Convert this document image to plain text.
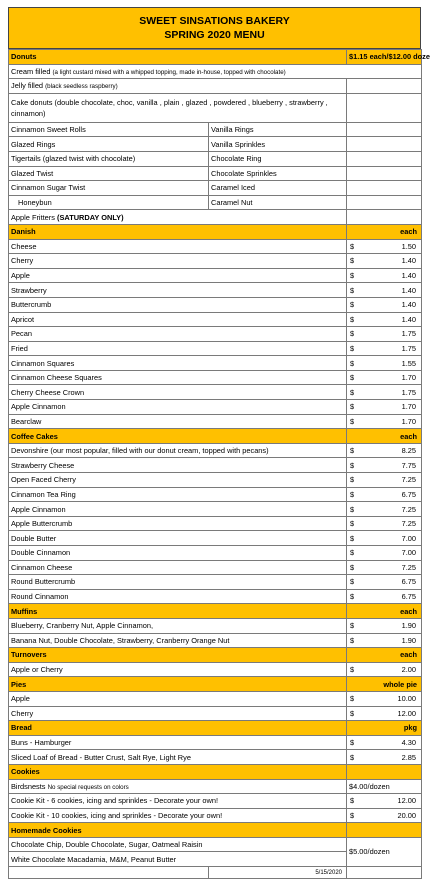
SWEET SINSATIONS BAKERY
SPRING 2020 MENU
Donuts		$1.15 each/$12.00 doze	
Cream filled (a light custard mixed with a whipped topping, made in-house, topped with chocolate)			
Jelly filled (black seedless raspberry)			
Cake donuts (double chocolate, choc, vanilla , plain , glazed , powdered , blueberry , strawberry , cinnamon)			
Cinnamon Sweet Rolls	Vanilla Rings		
Glazed Rings	Vanilla Sprinkles		
Tigertails (glazed twist with chocolate)	Chocolate Ring		
Glazed Twist	Chocolate Sprinkles		
Cinnamon Sugar Twist	Caramel Iced		
Honeybun	Caramel Nut		
Apple Fritters (SATURDAY ONLY)			
Danish		each	
Cheese		$	1.50
Cherry		$	1.40
Apple		$	1.40
Strawberry		$	1.40
Buttercrumb		$	1.40
Apricot		$	1.40
Pecan		$	1.75
Fried		$	1.75
Cinnamon Squares		$	1.55
Cinnamon Cheese Squares		$	1.70
Cherry Cheese Crown		$	1.75
Apple Cinnamon		$	1.70
Bearclaw		$	1.70
Coffee Cakes		each	
Devonshire (our most popular, filled with our donut cream, topped with pecans)		$	8.25
Strawberry Cheese		$	7.75
Open Faced Cherry		$	7.25
Cinnamon Tea Ring		$	6.75
Apple Cinnamon		$	7.25
Apple Buttercrumb		$	7.25
Double Butter		$	7.00
Double Cinnamon		$	7.00
Cinnamon Cheese		$	7.25
Round Buttercrumb		$	6.75
Round Cinnamon		$	6.75
Muffins		each	
Blueberry, Cranberry Nut, Apple Cinnamon,		$	1.90
Banana Nut, Double Chocolate, Strawberry, Cranberry Orange Nut		$	1.90
Turnovers		each	
Apple or Cherry		$	2.00
Pies		whole pie	
Apple		$	10.00
Cherry		$	12.00
Bread		pkg	
Buns - Hamburger		$	4.30
Sliced Loaf of Bread - Butter Crust, Salt Rye, Light Rye		$	2.85
Cookies			
Birdsnests No special requests on colors		$4.00/dozen	
Cookie Kit - 6 cookies, icing and sprinkles - Decorate your own!		$	12.00
Cookie Kit - 10 cookies, icing and sprinkles - Decorate your own!		$	20.00
Homemade Cookies			
Chocolate Chip, Double Chocolate, Sugar, Oatmeal Raisin		$5.00/dozen	
White Chocolate Macadamia, M&M, Peanut Butter			
	5/15/2020		
